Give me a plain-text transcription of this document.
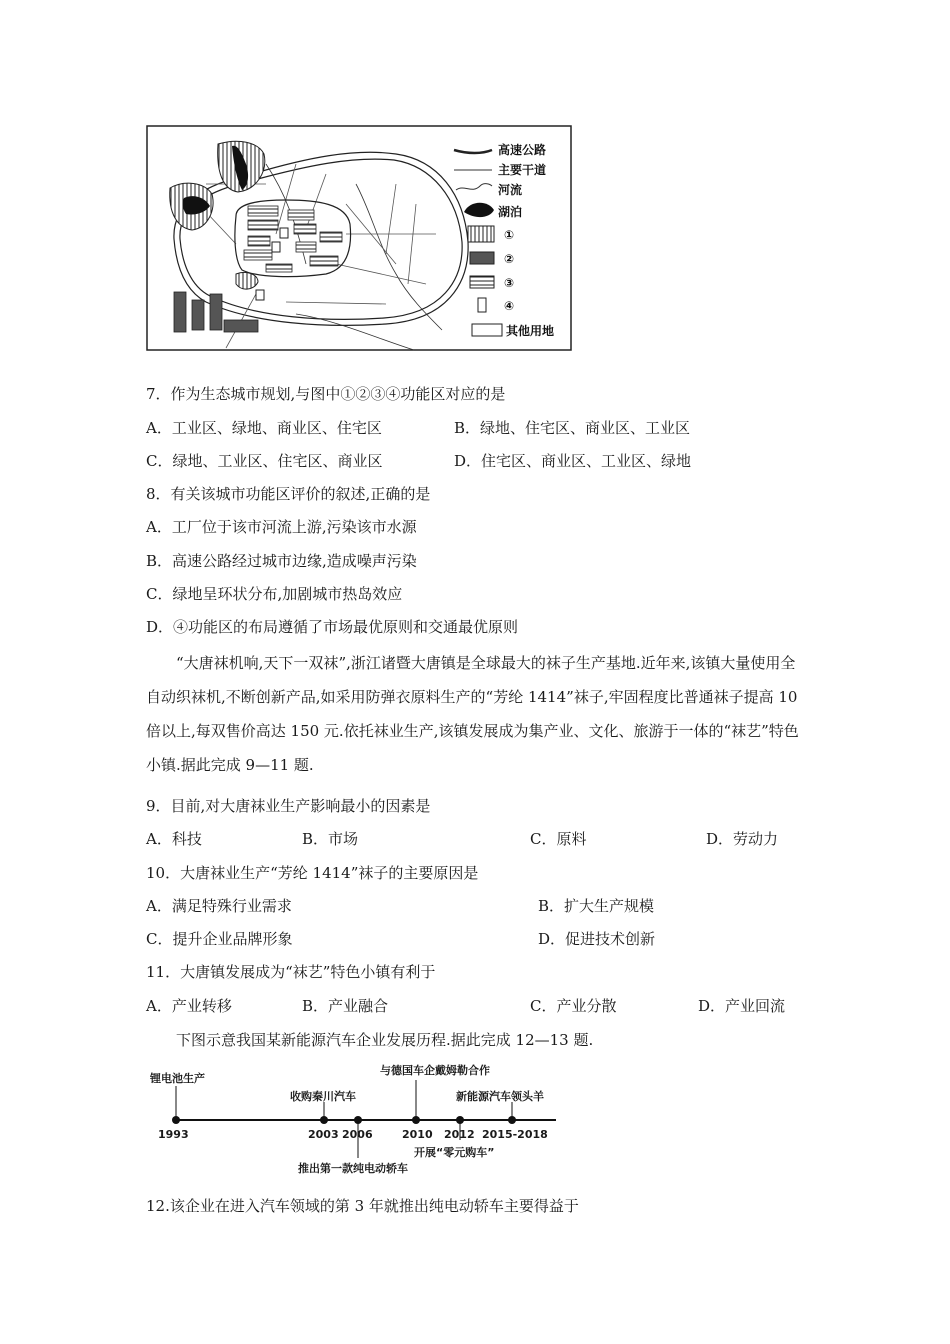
高速公路
主要干道
河流
湖泊
①
②
③
④
其他用地
7．作为生态城市规划,与图中①②③④功能区对应的是
A．工业区、绿地、商业区、住宅区	B．绿地、住宅区、商业区、工业区
C．绿地、工业区、住宅区、商业区	D．住宅区、商业区、工业区、绿地
8．有关该城市功能区评价的叙述,正确的是
A．工厂位于该市河流上游,污染该市水源
B．高速公路经过城市边缘,造成噪声污染
C．绿地呈环状分布,加剧城市热岛效应
D．④功能区的布局遵循了市场最优原则和交通最优原则
“大唐袜机响,天下一双袜”,浙江诸暨大唐镇是全球最大的袜子生产基地.近年来,该镇大量使用全自动织袜机,不断创新产品,如采用防弹衣原料生产的“芳纶 1414”袜子,牢固程度比普通袜子提高 10 倍以上,每双售价高达 150 元.依托袜业生产,该镇发展成为集产业、文化、旅游于一体的“袜艺”特色小镇.据此完成 9—11 题.
9．目前,对大唐袜业生产影响最小的因素是
A．科技	B．市场	C．原料	D．劳动力
10．大唐袜业生产“芳纶 1414”袜子的主要原因是
A．满足特殊行业需求	B．扩大生产规模
C．提升企业品牌形象	D．促进技术创新
11．大唐镇发展成为“袜艺”特色小镇有利于
A．产业转移	B．产业融合	C．产业分散	D．产业回流
下图示意我国某新能源汽车企业发展历程.据此完成 12—13 题.
锂电池生产
收购秦川汽车
与德国车企戴姆勒合作
新能源汽车领头羊
1993	2003 2006	2010 2012 2015-2018
开展“零元购车”
推出第一款纯电动轿车
12.该企业在进入汽车领域的第 3 年就推出纯电动轿车主要得益于
